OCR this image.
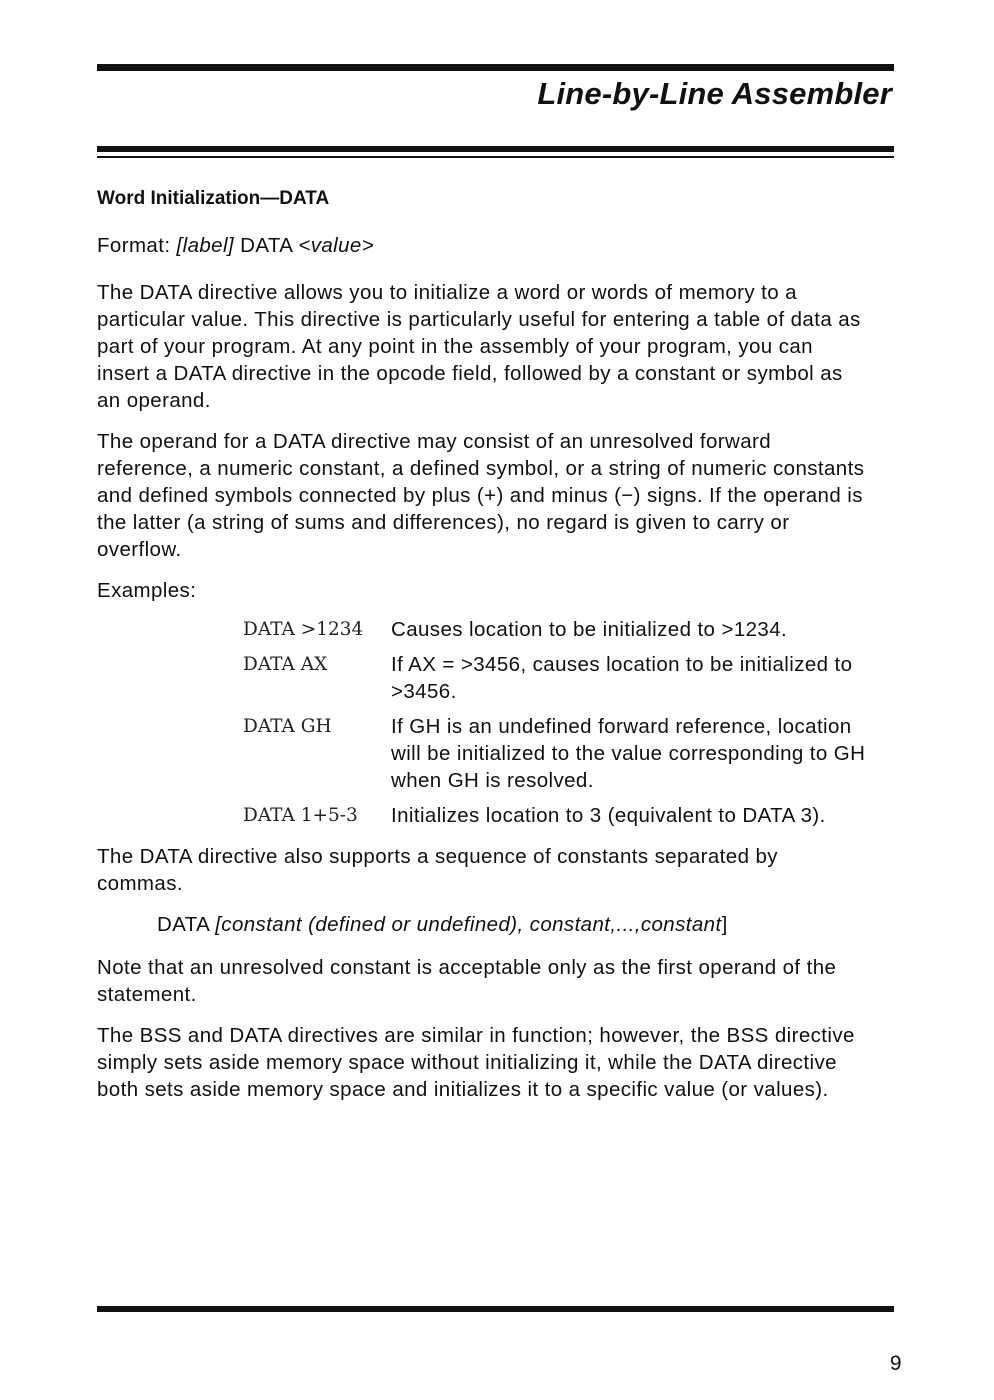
Line-by-Line Assembler
Word Initialization—DATA

Format: [label] DATA <value>

The DATA directive allows you to initialize a word or words of memory to a particular value. This directive is particularly useful for entering a table of data as part of your program. At any point in the assembly of your program, you can insert a DATA directive in the opcode field, followed by a constant or symbol as an operand.

The operand for a DATA directive may consist of an unresolved forward reference, a numeric constant, a defined symbol, or a string of numeric constants and defined symbols connected by plus (+) and minus (−) signs. If the operand is the latter (a string of sums and differences), no regard is given to carry or overflow.

Examples:

DATA >1234	Causes location to be initialized to >1234.
DATA AX	If AX = >3456, causes location to be initialized to >3456.
DATA GH	If GH is an undefined forward reference, location will be initialized to the value corresponding to GH when GH is resolved.
DATA 1+5-3	Initializes location to 3 (equivalent to DATA 3).

The DATA directive also supports a sequence of constants separated by commas.

DATA [constant (defined or undefined), constant,...,constant]

Note that an unresolved constant is acceptable only as the first operand of the statement.

The BSS and DATA directives are similar in function; however, the BSS directive simply sets aside memory space without initializing it, while the DATA directive both sets aside memory space and initializes it to a specific value (or values).

9
